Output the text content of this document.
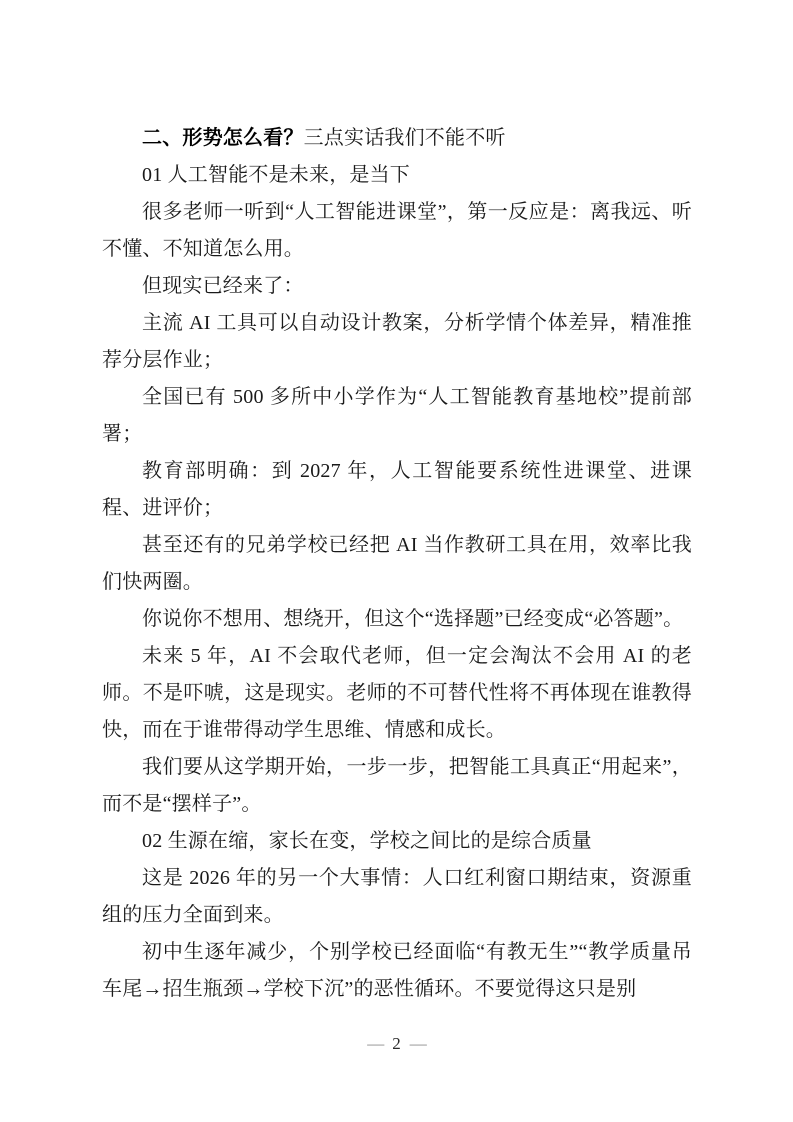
二、形势怎么看？三点实话我们不能不听

01 人工智能不是未来，是当下

很多老师一听到“人工智能进课堂”，第一反应是：离我远、听不懂、不知道怎么用。

但现实已经来了：

主流 AI 工具可以自动设计教案，分析学情个体差异，精准推荐分层作业；

全国已有 500 多所中小学作为“人工智能教育基地校”提前部署；

教育部明确：到 2027 年，人工智能要系统性进课堂、进课程、进评价；

甚至还有的兄弟学校已经把 AI 当作教研工具在用，效率比我们快两圈。

你说你不想用、想绕开，但这个“选择题”已经变成“必答题”。

未来 5 年，AI 不会取代老师，但一定会淘汰不会用 AI 的老师。不是吓唬，这是现实。老师的不可替代性将不再体现在谁教得快，而在于谁带得动学生思维、情感和成长。

我们要从这学期开始，一步一步，把智能工具真正“用起来”，而不是“摆样子”。

02 生源在缩，家长在变，学校之间比的是综合质量

这是 2026 年的另一个大事情：人口红利窗口期结束，资源重组的压力全面到来。

初中生逐年减少，个别学校已经面临“有教无生”“教学质量吊车尾→招生瓶颈→学校下沉”的恶性循环。不要觉得这只是别

— 2 —
